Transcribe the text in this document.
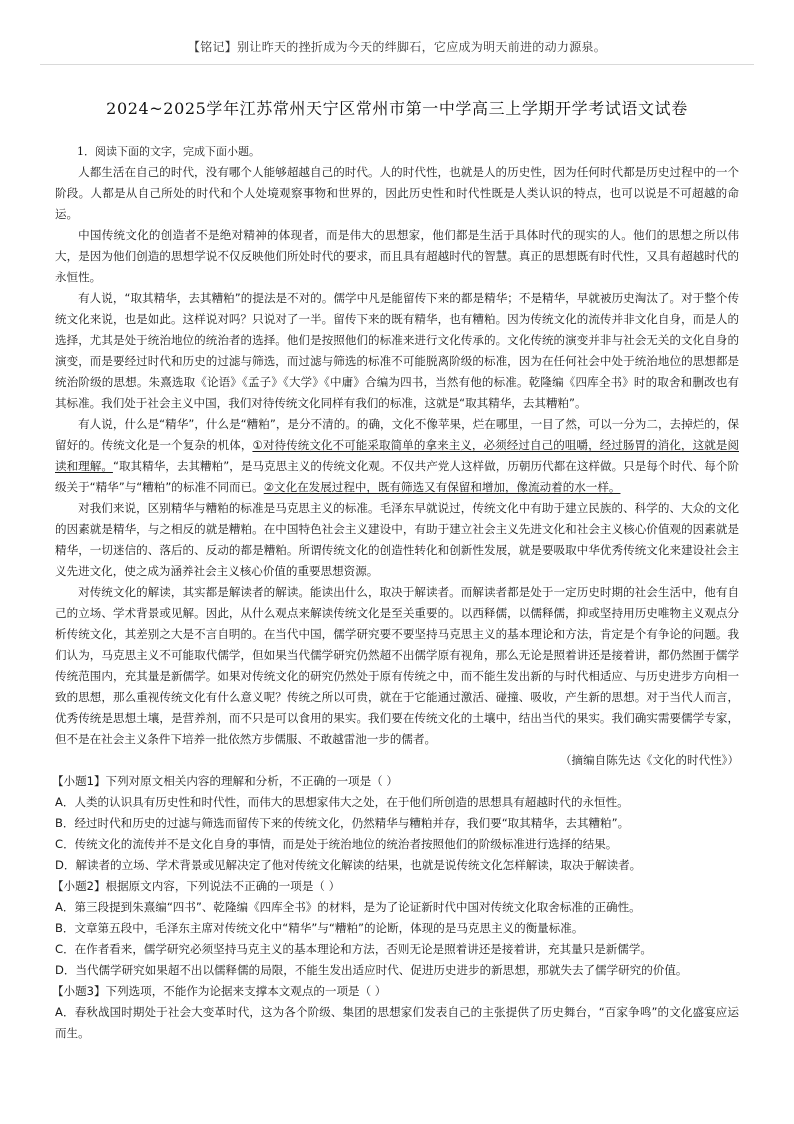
【铭记】别让昨天的挫折成为今天的绊脚石，它应成为明天前进的动力源泉。
2024~2025学年江苏常州天宁区常州市第一中学高三上学期开学考试语文试卷

1．阅读下面的文字，完成下面小题。

人都生活在自己的时代，没有哪个人能够超越自己的时代。人的时代性，也就是人的历史性，因为任何时代都是历史过程中的一个阶段。人都是从自己所处的时代和个人处境观察事物和世界的，因此历史性和时代性既是人类认识的特点，也可以说是不可超越的命运。

中国传统文化的创造者不是绝对精神的体现者，而是伟大的思想家，他们都是生活于具体时代的现实的人。他们的思想之所以伟大，是因为他们创造的思想学说不仅反映他们所处时代的要求，而且具有超越时代的智慧。真正的思想既有时代性，又具有超越时代的永恒性。

有人说，“取其精华，去其糟粕”的提法是不对的。儒学中凡是能留传下来的都是精华；不是精华，早就被历史淘汰了。对于整个传统文化来说，也是如此。这样说对吗？只说对了一半。留传下来的既有精华，也有糟粕。因为传统文化的流传并非文化自身，而是人的选择，尤其是处于统治地位的统治者的选择。他们是按照他们的标准来进行文化传承的。文化传统的演变并非与社会无关的文化自身的演变，而是要经过时代和历史的过滤与筛选，而过滤与筛选的标准不可能脱离阶级的标准，因为在任何社会中处于统治地位的思想都是统治阶级的思想。朱熹选取《论语》《孟子》《大学》《中庸》合编为四书，当然有他的标准。乾隆编《四库全书》时的取舍和删改也有其标准。我们处于社会主义中国，我们对待传统文化同样有我们的标准，这就是“取其精华，去其糟粕”。

有人说，什么是“精华”，什么是“糟粕”，是分不清的。的确，文化不像苹果，烂在哪里，一目了然，可以一分为二，去掉烂的，保留好的。传统文化是一个复杂的机体，①对待传统文化不可能采取简单的拿来主义，必须经过自己的咀嚼，经过肠胃的消化，这就是阅读和理解。“取其精华，去其糟粕”，是马克思主义的传统文化观。不仅共产党人这样做，历朝历代都在这样做。只是每个时代、每个阶级关于“精华”与“糟粕”的标准不同而已。②文化在发展过程中，既有筛选又有保留和增加，像流动着的水一样。

对我们来说，区别精华与糟粕的标准是马克思主义的标准。毛泽东早就说过，传统文化中有助于建立民族的、科学的、大众的文化的因素就是精华，与之相反的就是糟粕。在中国特色社会主义建设中，有助于建立社会主义先进文化和社会主义核心价值观的因素就是精华，一切迷信的、落后的、反动的都是糟粕。所谓传统文化的创造性转化和创新性发展，就是要吸取中华优秀传统文化来建设社会主义先进文化，使之成为涵养社会主义核心价值的重要思想资源。

对传统文化的解读，其实都是解读者的解读。能读出什么，取决于解读者。而解读者都是处于一定历史时期的社会生活中，他有自己的立场、学术背景或见解。因此，从什么观点来解读传统文化是至关重要的。以西释儒，以儒释儒，抑或坚持用历史唯物主义观点分析传统文化，其差别之大是不言自明的。在当代中国，儒学研究要不要坚持马克思主义的基本理论和方法，肯定是个有争论的问题。我们认为，马克思主义不可能取代儒学，但如果当代儒学研究仍然超不出儒学原有视角，那么无论是照着讲还是接着讲，都仍然囿于儒学传统范围内，充其量是新儒学。如果对传统文化的研究仍然处于原有传统之中，而不能生发出新的与时代相适应、与历史进步方向相一致的思想，那么重视传统文化有什么意义呢？传统之所以可贵，就在于它能通过激活、碰撞、吸收，产生新的思想。对于当代人而言，优秀传统是思想土壤，是营养剂，而不只是可以食用的果实。我们要在传统文化的土壤中，结出当代的果实。我们确实需要儒学专家，但不是在社会主义条件下培养一批依然方步儒服、不敢越雷池一步的儒者。

（摘编自陈先达《文化的时代性》）

【小题1】下列对原文相关内容的理解和分析，不正确的一项是（ ）

A．人类的认识具有历史性和时代性，而伟大的思想家伟大之处，在于他们所创造的思想具有超越时代的永恒性。

B．经过时代和历史的过滤与筛选而留传下来的传统文化，仍然精华与糟粕并存，我们要“取其精华，去其糟粕”。

C．传统文化的流传并不是文化自身的事情，而是处于统治地位的统治者按照他们的阶级标准进行选择的结果。

D．解读者的立场、学术背景或见解决定了他对传统文化解读的结果，也就是说传统文化怎样解读，取决于解读者。

【小题2】根据原文内容，下列说法不正确的一项是（ ）

A．第三段提到朱熹编“四书”、乾隆编《四库全书》的材料，是为了论证新时代中国对传统文化取舍标准的正确性。

B．文章第五段中，毛泽东主席对传统文化中“精华”与“糟粕”的论断，体现的是马克思主义的衡量标准。

C．在作者看来，儒学研究必须坚持马克主义的基本理论和方法，否则无论是照着讲还是接着讲，充其量只是新儒学。

D．当代儒学研究如果超不出以儒释儒的局限，不能生发出适应时代、促进历史进步的新思想，那就失去了儒学研究的价值。

【小题3】下列选项，不能作为论据来支撑本文观点的一项是（ ）

A．春秋战国时期处于社会大变革时代，这为各个阶级、集团的思想家们发表自己的主张提供了历史舞台，“百家争鸣”的文化盛宴应运而生。
